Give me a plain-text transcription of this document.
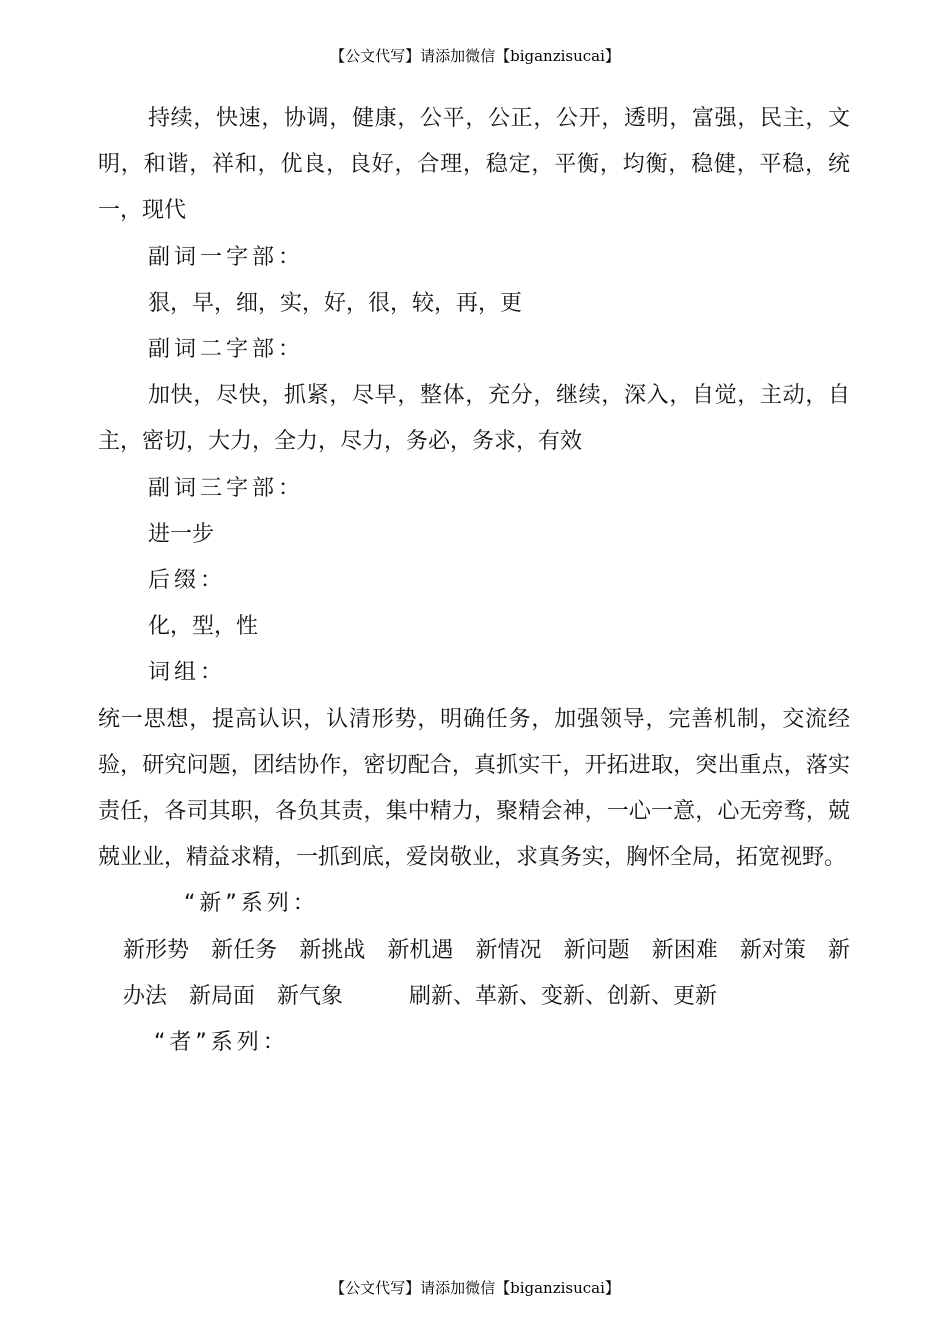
【公文代写】请添加微信【biganzisucai】

持续，快速，协调，健康，公平，公正，公开，透明，富强，民主，文明，和谐，祥和，优良，良好，合理，稳定，平衡，均衡，稳健，平稳，统一，现代

副词一字部：

狠，早，细，实，好，很，较，再，更

副词二字部：

加快，尽快，抓紧，尽早，整体，充分，继续，深入，自觉，主动，自主，密切，大力，全力，尽力，务必，务求，有效

副词三字部：

进一步

后缀：

化，型，性

词组：

统一思想，提高认识，认清形势，明确任务，加强领导，完善机制，交流经验，研究问题，团结协作，密切配合，真抓实干，开拓进取，突出重点，落实责任，各司其职，各负其责，集中精力，聚精会神，一心一意，心无旁骛，兢兢业业，精益求精，一抓到底，爱岗敬业，求真务实，胸怀全局，拓宽视野。

“新”系列：

新形势　新任务　新挑战　新机遇　新情况　新问题　新困难　新对策　新办法　新局面　新气象　　　刷新、革新、变新、创新、更新

“者”系列：

【公文代写】请添加微信【biganzisucai】
